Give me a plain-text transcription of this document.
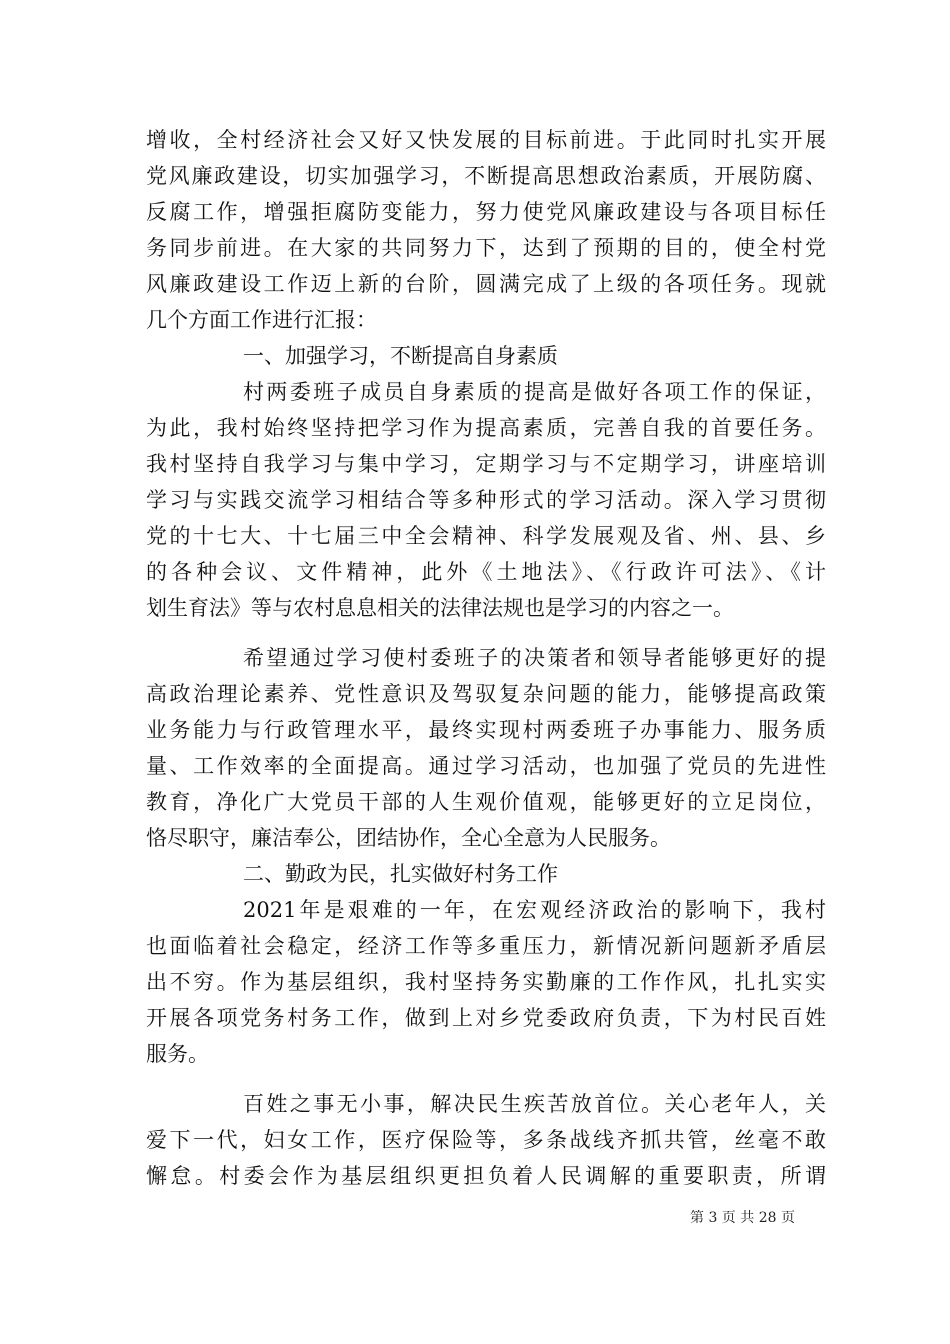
增收，全村经济社会又好又快发展的目标前进。于此同时扎实开展
党风廉政建设，切实加强学习，不断提高思想政治素质，开展防腐、
反腐工作，增强拒腐防变能力，努力使党风廉政建设与各项目标任
务同步前进。在大家的共同努力下，达到了预期的目的，使全村党
风廉政建设工作迈上新的台阶，圆满完成了上级的各项任务。现就
几个方面工作进行汇报：
一、加强学习，不断提高自身素质
村两委班子成员自身素质的提高是做好各项工作的保证，
为此，我村始终坚持把学习作为提高素质，完善自我的首要任务。
我村坚持自我学习与集中学习，定期学习与不定期学习，讲座培训
学习与实践交流学习相结合等多种形式的学习活动。深入学习贯彻
党的十七大、十七届三中全会精神、科学发展观及省、州、县、乡
的各种会议、文件精神，此外《土地法》、《行政许可法》、《计
划生育法》等与农村息息相关的法律法规也是学习的内容之一。
希望通过学习使村委班子的决策者和领导者能够更好的提
高政治理论素养、党性意识及驾驭复杂问题的能力，能够提高政策
业务能力与行政管理水平，最终实现村两委班子办事能力、服务质
量、工作效率的全面提高。通过学习活动，也加强了党员的先进性
教育，净化广大党员干部的人生观价值观，能够更好的立足岗位，
恪尽职守，廉洁奉公，团结协作，全心全意为人民服务。
二、勤政为民，扎实做好村务工作
2021年是艰难的一年，在宏观经济政治的影响下，我村
也面临着社会稳定，经济工作等多重压力，新情况新问题新矛盾层
出不穷。作为基层组织，我村坚持务实勤廉的工作作风，扎扎实实
开展各项党务村务工作，做到上对乡党委政府负责，下为村民百姓
服务。
百姓之事无小事，解决民生疾苦放首位。关心老年人，关
爱下一代，妇女工作，医疗保险等，多条战线齐抓共管，丝毫不敢
懈怠。村委会作为基层组织更担负着人民调解的重要职责，所谓
第 3 页 共 28 页
